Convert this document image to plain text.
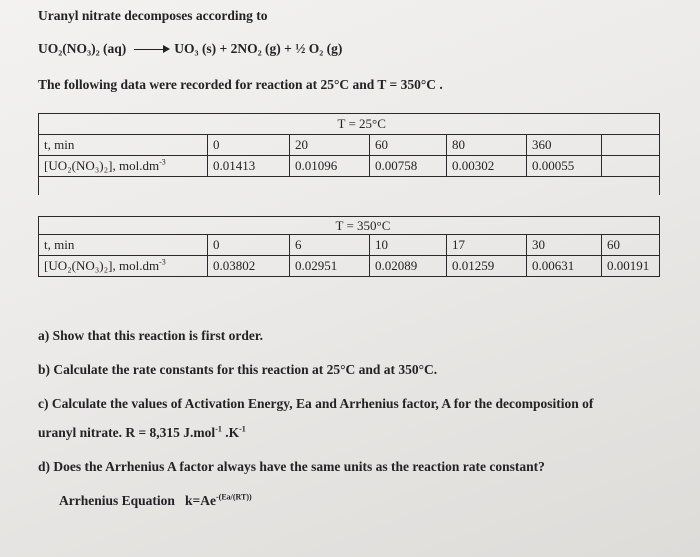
Uranyl nitrate decomposes according to
UO₂(NO₃)₂ (aq) → UO₃ (s) + 2NO₂ (g) + ½ O₂ (g)
The following data were recorded for reaction at 25°C and T = 350°C .
	T = 25°C					
t, min	0	20	60	80	360	
[UO₂(NO₃)₂], $mol.dm^{-3}$	0.01413	0.01096	0.00758	0.00302	0.00055	

	T = 350°C					
t, min	0	6	10	17	30	60
[UO₂(NO₃)₂], $mol.dm^{-3}$	0.03802	0.02951	0.02089	0.01259	0.00631	0.00191
a) Show that this reaction is first order.
b) Calculate the rate constants for this reaction at 25°C and at 350°C.
c) Calculate the values of Activation Energy, Ea and Arrhenius factor, A for the decomposition of
uranyl nitrate. R = 8,315 J.mol$^{-1}$ $.K^{-1}$
d) Does the Arrhenius A factor always have the same units as the reaction rate constant?
Arrhenius Equation $k=Ae^{-(Ea/(RT))}$
